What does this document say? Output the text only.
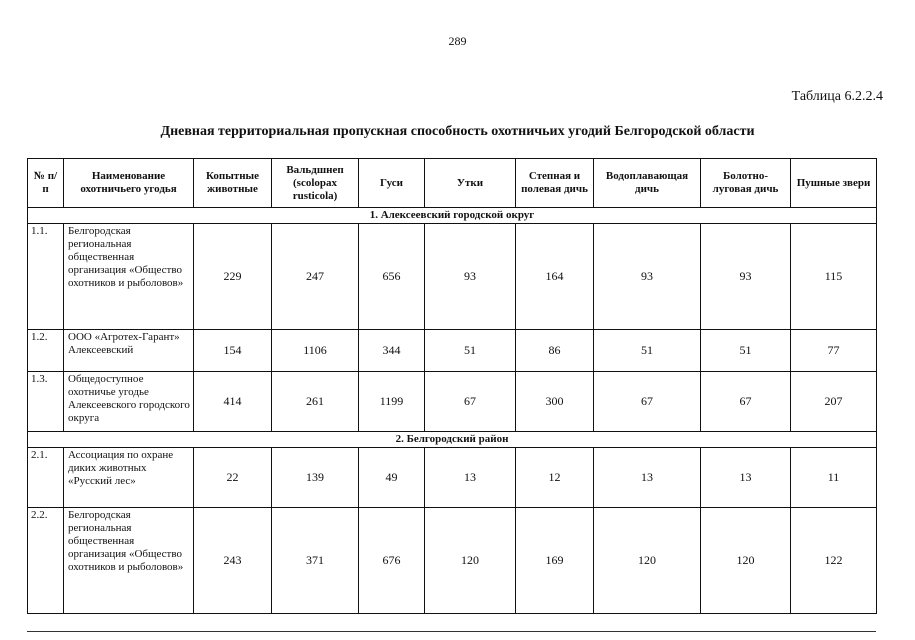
289
Таблица 6.2.2.4
Дневная территориальная пропускная способность охотничьих угодий Белгородской области
№ п/п	Наименование охотничьего угодья	Копытные животные	Вальдшнеп (scolopax rusticola)	Гуси	Утки	Степная и полевая дичь	Водоплавающая дичь	Болотно-луговая дичь	Пушные звери
1. Алексеевский городской округ									
1.1.	Белгородская региональная общественная организация «Общество охотников и рыболовов»	229	247	656	93	164	93	93	115
1.2.	ООО «Агротех-Гарант» Алексеевский	154	1106	344	51	86	51	51	77
1.3.	Общедоступное охотничье угодье Алексеевского городского округа	414	261	1199	67	300	67	67	207
2. Белгородский район									
2.1.	Ассоциация по охране диких животных «Русский лес»	22	139	49	13	12	13	13	11
2.2.	Белгородская региональная общественная организация «Общество охотников и рыболовов»	243	371	676	120	169	120	120	122
